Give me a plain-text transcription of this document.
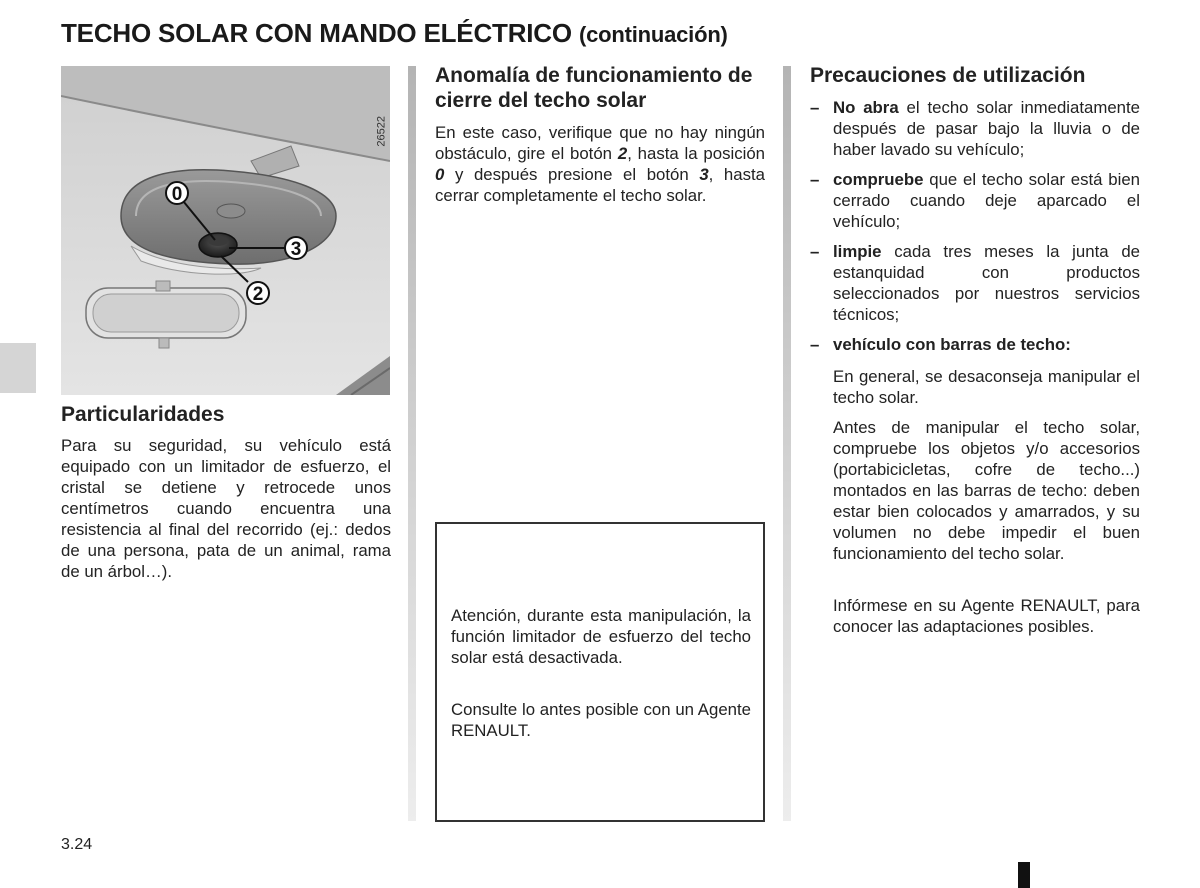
TECHO SOLAR CON MANDO ELÉCTRICO (continuación)
0
3
2
26522
Particularidades

Para su seguridad, su vehículo está equipado con un limitador de esfuerzo, el cristal se detiene y retrocede unos centímetros cuando encuentra una resistencia al final del recorrido (ej.: dedos de una persona, pata de un animal, rama de un árbol…).

Anomalía de funcionamiento de cierre del techo solar

En este caso, verifique que no hay ningún obstáculo, gire el botón 2, hasta la posición 0 y después presione el botón 3, hasta cerrar completamente el techo solar.

Atención, durante esta manipulación, la función limitador de esfuerzo del techo solar está desactivada.

Consulte lo antes posible con un Agente RENAULT.

Precauciones de utilización
– No abra el techo solar inmediatamente después de pasar bajo la lluvia o de haber lavado su vehículo;

– compruebe que el techo solar está bien cerrado cuando deje aparcado el vehículo;

– limpie cada tres meses la junta de estanquidad con productos seleccionados por nuestros servicios técnicos;

– vehículo con barras de techo:

En general, se desaconseja manipular el techo solar.

Antes de manipular el techo solar, compruebe los objetos y/o accesorios (portabicicletas, cofre de techo...) montados en las barras de techo: deben estar bien colocados y amarrados, y su volumen no debe impedir el buen funcionamiento del techo solar.

Infórmese en su Agente RENAULT, para conocer las adaptaciones posibles.

3.24
